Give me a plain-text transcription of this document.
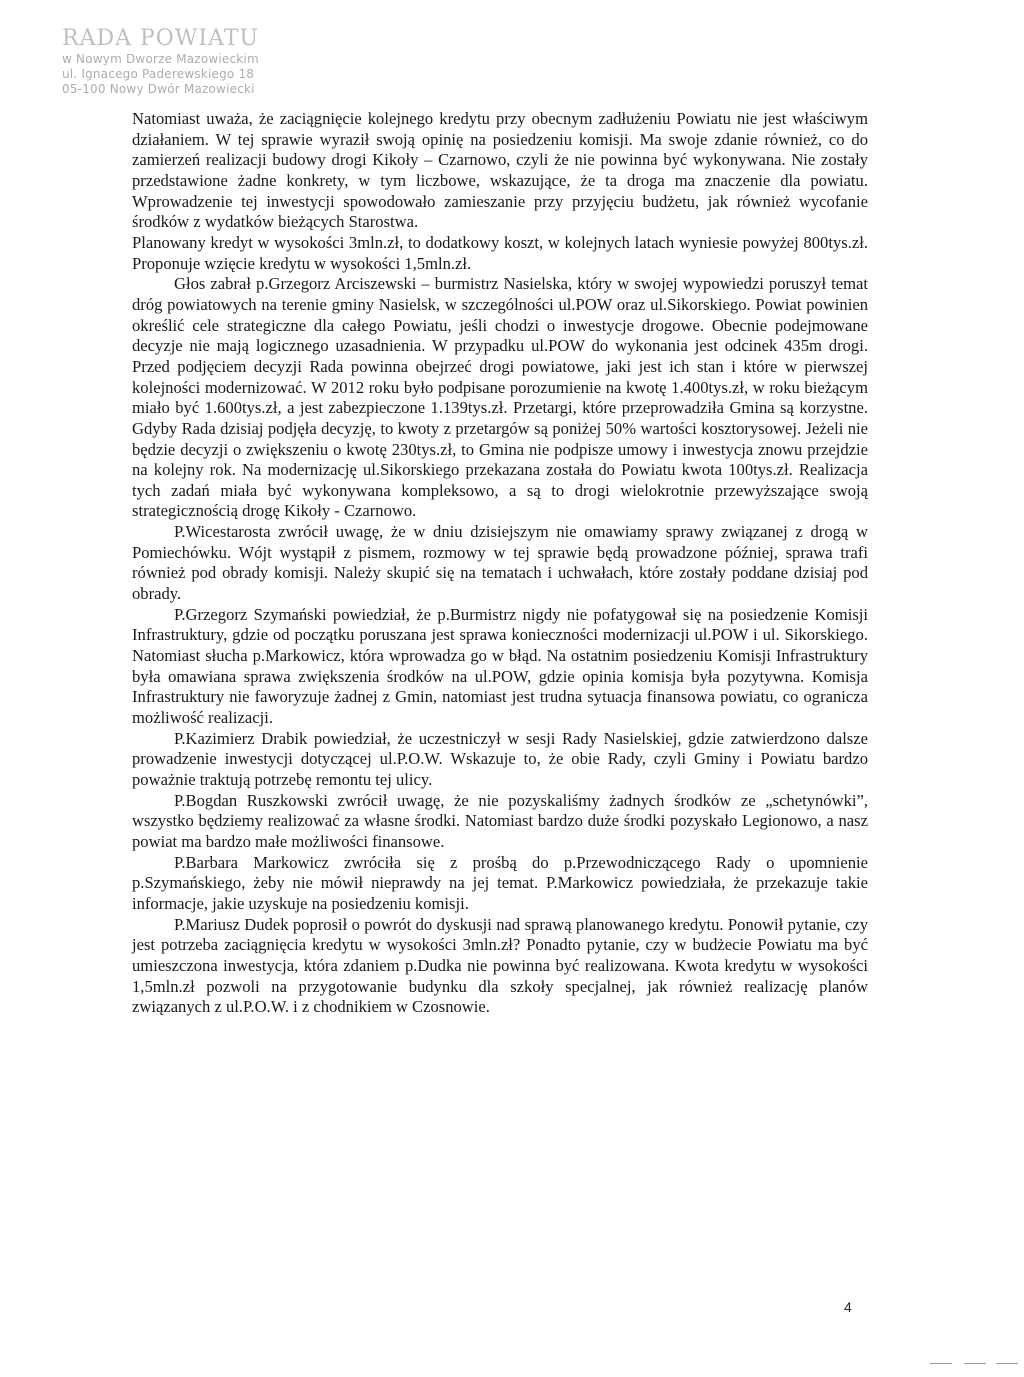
RADA POWIATU
w Nowym Dworze Mazowieckim
ul. Ignacego Paderewskiego 18
05-100 Nowy Dwór Mazowiecki

Natomiast uważa, że zaciągnięcie kolejnego kredytu przy obecnym zadłużeniu Powiatu nie jest właściwym działaniem. W tej sprawie wyraził swoją opinię na posiedzeniu komisji. Ma swoje zdanie również, co do zamierzeń realizacji budowy drogi Kikoły – Czarnowo, czyli że nie powinna być wykonywana. Nie zostały przedstawione żadne konkrety, w tym liczbowe, wskazujące, że ta droga ma znaczenie dla powiatu. Wprowadzenie tej inwestycji spowodowało zamieszanie przy przyjęciu budżetu, jak również wycofanie środków z wydatków bieżących Starostwa.

Planowany kredyt w wysokości 3mln.zł, to dodatkowy koszt, w kolejnych latach wyniesie powyżej 800tys.zł. Proponuje wzięcie kredytu w wysokości 1,5mln.zł.

Głos zabrał p.Grzegorz Arciszewski – burmistrz Nasielska, który w swojej wypowiedzi poruszył temat dróg powiatowych na terenie gminy Nasielsk, w szczególności ul.POW oraz ul.Sikorskiego. Powiat powinien określić cele strategiczne dla całego Powiatu, jeśli chodzi o inwestycje drogowe. Obecnie podejmowane decyzje nie mają logicznego uzasadnienia. W przypadku ul.POW do wykonania jest odcinek 435m drogi. Przed podjęciem decyzji Rada powinna obejrzeć drogi powiatowe, jaki jest ich stan i które w pierwszej kolejności modernizować. W 2012 roku było podpisane porozumienie na kwotę 1.400tys.zł, w roku bieżącym miało być 1.600tys.zł, a jest zabezpieczone 1.139tys.zł. Przetargi, które przeprowadziła Gmina są korzystne. Gdyby Rada dzisiaj podjęła decyzję, to kwoty z przetargów są poniżej 50% wartości kosztorysowej. Jeżeli nie będzie decyzji o zwiększeniu o kwotę 230tys.zł, to Gmina nie podpisze umowy i inwestycja znowu przejdzie na kolejny rok. Na modernizację ul.Sikorskiego przekazana została do Powiatu kwota 100tys.zł. Realizacja tych zadań miała być wykonywana kompleksowo, a są to drogi wielokrotnie przewyższające swoją strategicznością drogę Kikoły - Czarnowo.

P.Wicestarosta zwrócił uwagę, że w dniu dzisiejszym nie omawiamy sprawy związanej z drogą w Pomiechówku. Wójt wystąpił z pismem, rozmowy w tej sprawie będą prowadzone później, sprawa trafi również pod obrady komisji. Należy skupić się na tematach i uchwałach, które zostały poddane dzisiaj pod obrady.

P.Grzegorz Szymański powiedział, że p.Burmistrz nigdy nie pofatygował się na posiedzenie Komisji Infrastruktury, gdzie od początku poruszana jest sprawa konieczności modernizacji ul.POW i ul. Sikorskiego. Natomiast słucha p.Markowicz, która wprowadza go w błąd. Na ostatnim posiedzeniu Komisji Infrastruktury była omawiana sprawa zwiększenia środków na ul.POW, gdzie opinia komisja była pozytywna. Komisja Infrastruktury nie faworyzuje żadnej z Gmin, natomiast jest trudna sytuacja finansowa powiatu, co ogranicza możliwość realizacji.

P.Kazimierz Drabik powiedział, że uczestniczył w sesji Rady Nasielskiej, gdzie zatwierdzono dalsze prowadzenie inwestycji dotyczącej ul.P.O.W. Wskazuje to, że obie Rady, czyli Gminy i Powiatu bardzo poważnie traktują potrzebę remontu tej ulicy.

P.Bogdan Ruszkowski zwrócił uwagę, że nie pozyskaliśmy żadnych środków ze „schetynówki”, wszystko będziemy realizować za własne środki. Natomiast bardzo duże środki pozyskało Legionowo, a nasz powiat ma bardzo małe możliwości finansowe.

P.Barbara Markowicz zwróciła się z prośbą do p.Przewodniczącego Rady o upomnienie p.Szymańskiego, żeby nie mówił nieprawdy na jej temat. P.Markowicz powiedziała, że przekazuje takie informacje, jakie uzyskuje na posiedzeniu komisji.

P.Mariusz Dudek poprosił o powrót do dyskusji nad sprawą planowanego kredytu. Ponowił pytanie, czy jest potrzeba zaciągnięcia kredytu w wysokości 3mln.zł? Ponadto pytanie, czy w budżecie Powiatu ma być umieszczona inwestycja, która zdaniem p.Dudka nie powinna być realizowana. Kwota kredytu w wysokości 1,5mln.zł pozwoli na przygotowanie budynku dla szkoły specjalnej, jak również realizację planów związanych z ul.P.O.W. i z chodnikiem w Czosnowie.

4
